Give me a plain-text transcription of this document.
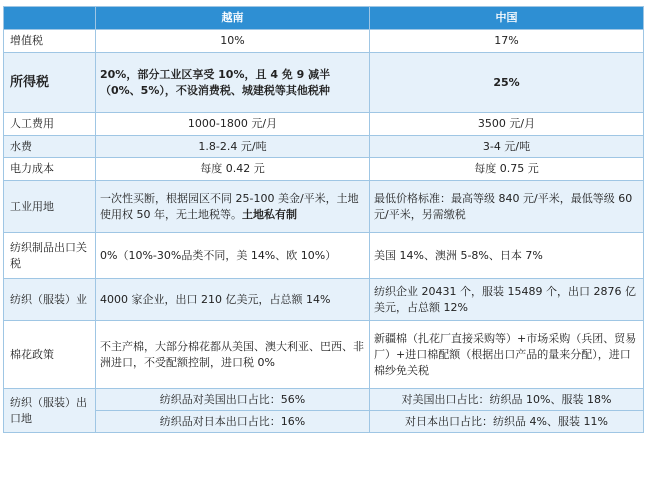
	越南	中国
增值税	10%	17%
所得税	20%，部分工业区享受 10%，且 4 免 9 减半（0%、5%），不设消费税、城建税等其他税种	25%
人工费用	1000-1800 元/月	3500 元/月
水费	1.8-2.4 元/吨	3-4 元/吨
电力成本	每度 0.42 元	每度 0.75 元
工业用地	一次性买断，根据园区不同 25-100 美金/平米，土地使用权 50 年，无土地税等。土地私有制	最低价格标准：最高等级 840 元/平米，最低等级 60 元/平米，另需缴税
纺织制品出口关税	0%（10%-30%品类不同，美 14%、欧 10%）	美国 14%、澳洲 5-8%、日本 7%
纺织（服装）业	4000 家企业，出口 210 亿美元，占总额 14%	纺织企业 20431 个，服装 15489 个，出口 2876 亿美元，占总额 12%
棉花政策	不主产棉，大部分棉花都从美国、澳大利亚、巴西、非洲进口，不受配额控制，进口税 0%	新疆棉（扎花厂直接采购等）+市场采购（兵团、贸易厂）+进口棉配额（根据出口产品的量来分配），进口棉纱免关税
纺织（服装）出口地	纺织品对美国出口占比：56%	对美国出口占比：纺织品 10%、服装 18%
	纺织品对日本出口占比：16%	对日本出口占比：纺织品 4%、服装 11%
